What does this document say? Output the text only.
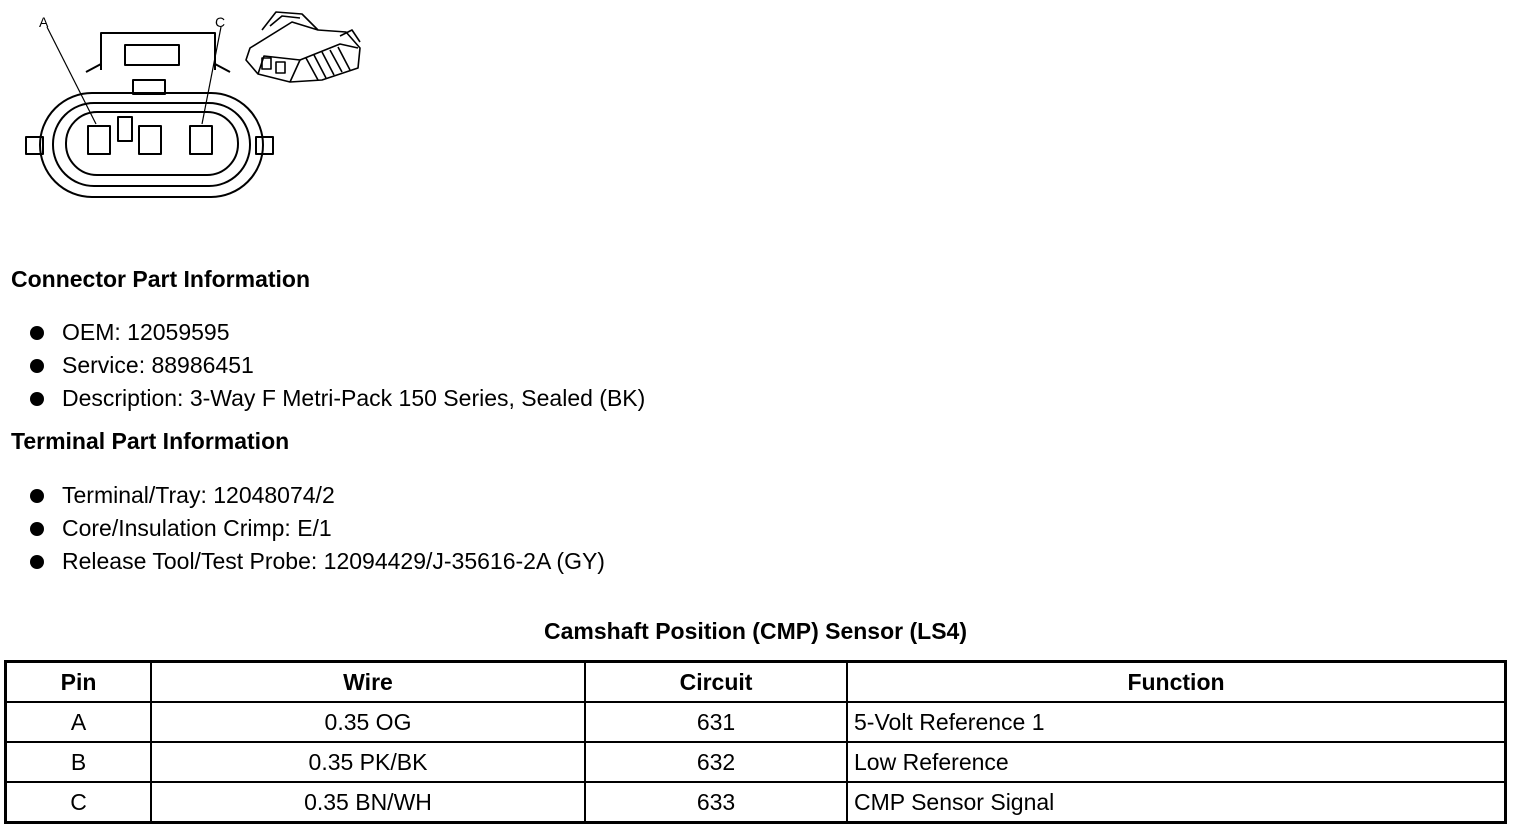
A	C
Connector Part Information
OEM: 12059595
Service: 88986451
Description: 3-Way F Metri-Pack 150 Series, Sealed (BK)
Terminal Part Information
Terminal/Tray: 12048074/2
Core/Insulation Crimp: E/1
Release Tool/Test Probe: 12094429/J-35616-2A (GY)
Camshaft Position (CMP) Sensor (LS4)
Pin	Wire	Circuit	Function
A	0.35 OG	631	5-Volt Reference 1
B	0.35 PK/BK	632	Low Reference
C	0.35 BN/WH	633	CMP Sensor Signal
